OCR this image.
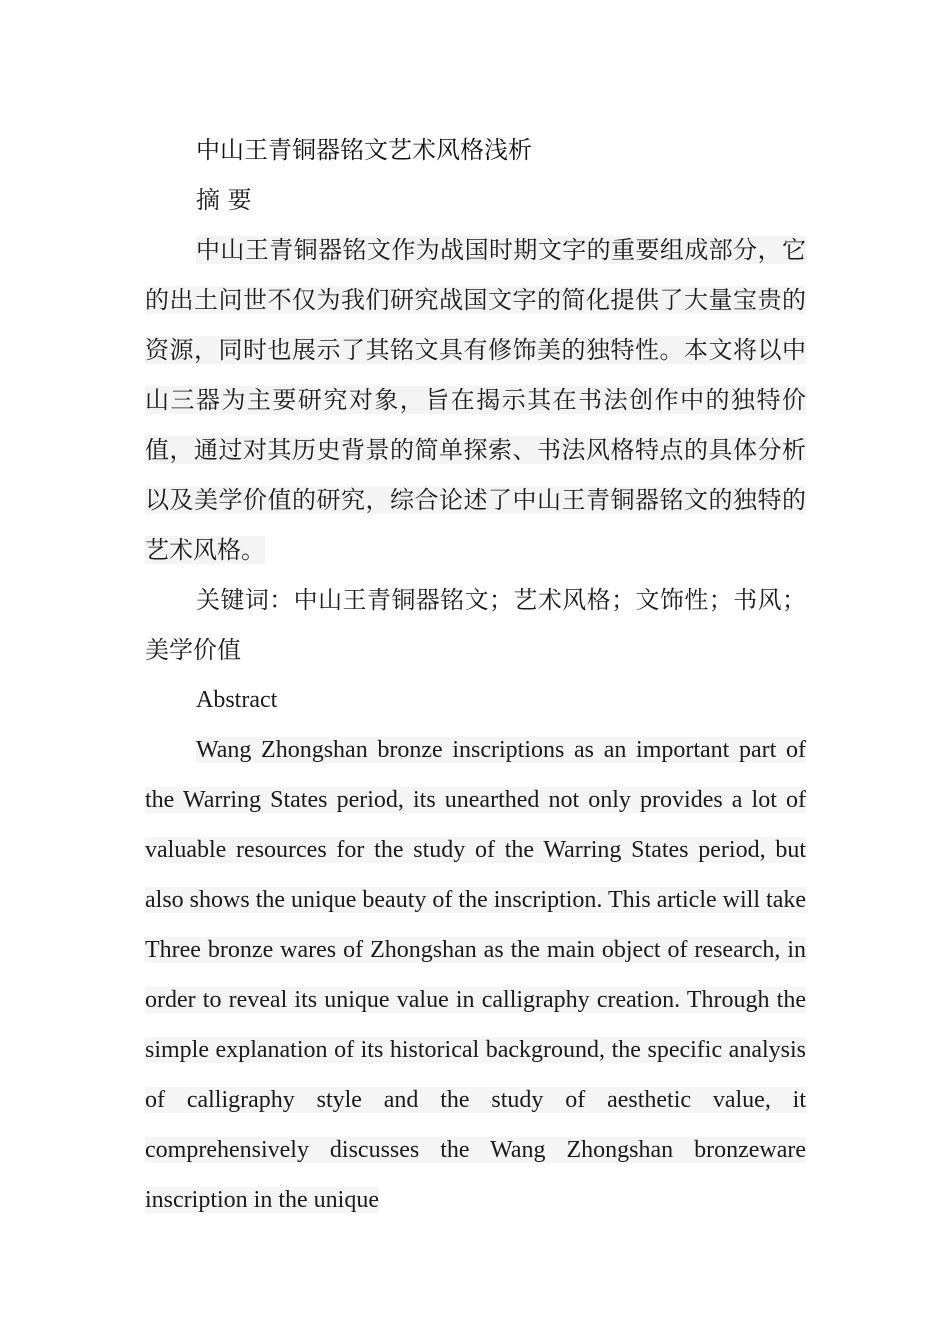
中山王青铜器铭文艺术风格浅析
摘 要
中山王青铜器铭文作为战国时期文字的重要组成部分，它的出土问世不仅为我们研究战国文字的简化提供了大量宝贵的资源，同时也展示了其铭文具有修饰美的独特性。本文将以中山三器为主要研究对象，旨在揭示其在书法创作中的独特价值，通过对其历史背景的简单探索、书法风格特点的具体分析以及美学价值的研究，综合论述了中山王青铜器铭文的独特的艺术风格。
关键词：中山王青铜器铭文；艺术风格；文饰性；书风；美学价值
Abstract
Wang Zhongshan bronze inscriptions as an important part of the Warring States period, its unearthed not only provides a lot of valuable resources for the study of the Warring States period, but also shows the unique beauty of the inscription. This article will take Three bronze wares of Zhongshan as the main object of research, in order to reveal its unique value in calligraphy creation. Through the simple explanation of its historical background, the specific analysis of calligraphy style and the study of aesthetic value, it comprehensively discusses the Wang Zhongshan bronzeware inscription in the unique
